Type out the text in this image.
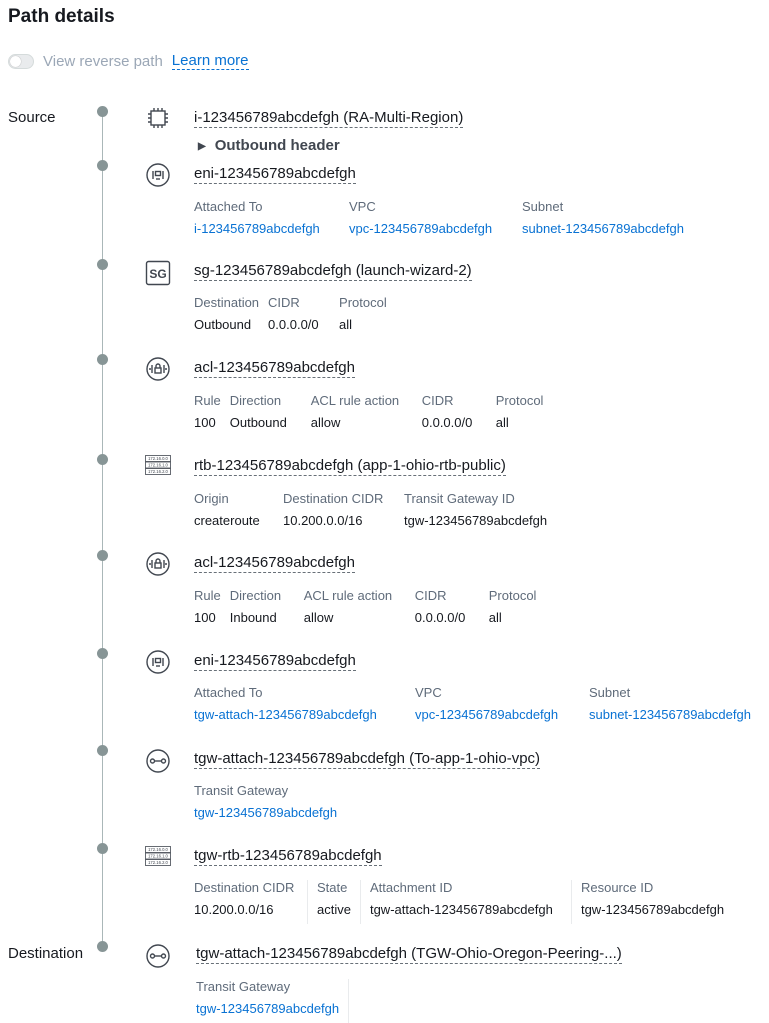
Path details
View reverse path Learn more
Source
Destination
i-123456789abcdefgh (RA-Multi-Region)
▶ Outbound header
eni-123456789abcdefgh
Attached To	VPC	Subnet
i-123456789abcdefgh	vpc-123456789abcdefgh	subnet-123456789abcdefgh
SG sg-123456789abcdefgh (launch-wizard-2)
Destination	CIDR	Protocol
Outbound	0.0.0.0/0	all
acl-123456789abcdefgh
Rule	Direction	ACL rule action	CIDR	Protocol
100	Outbound	allow	0.0.0.0/0	all
172.16.0.0
172.16.1.0
172.16.2.0 rtb-123456789abcdefgh (app-1-ohio-rtb-public)
Origin	Destination CIDR	Transit Gateway ID
createroute	10.200.0.0/16	tgw-123456789abcdefgh
acl-123456789abcdefgh
Rule	Direction	ACL rule action	CIDR	Protocol
100	Inbound	allow	0.0.0.0/0	all
eni-123456789abcdefgh
Attached To	VPC	Subnet
tgw-attach-123456789abcdefgh	vpc-123456789abcdefgh	subnet-123456789abcdefgh
tgw-attach-123456789abcdefgh (To-app-1-ohio-vpc)
Transit Gateway
tgw-123456789abcdefgh
172.16.0.0
172.16.1.0
172.16.2.0 tgw-rtb-123456789abcdefgh
Destination CIDR	State	Attachment ID	Resource ID
10.200.0.0/16	active	tgw-attach-123456789abcdefgh	tgw-123456789abcdefgh
tgw-attach-123456789abcdefgh (TGW-Ohio-Oregon-Peering-...)
Transit Gateway
tgw-123456789abcdefgh
